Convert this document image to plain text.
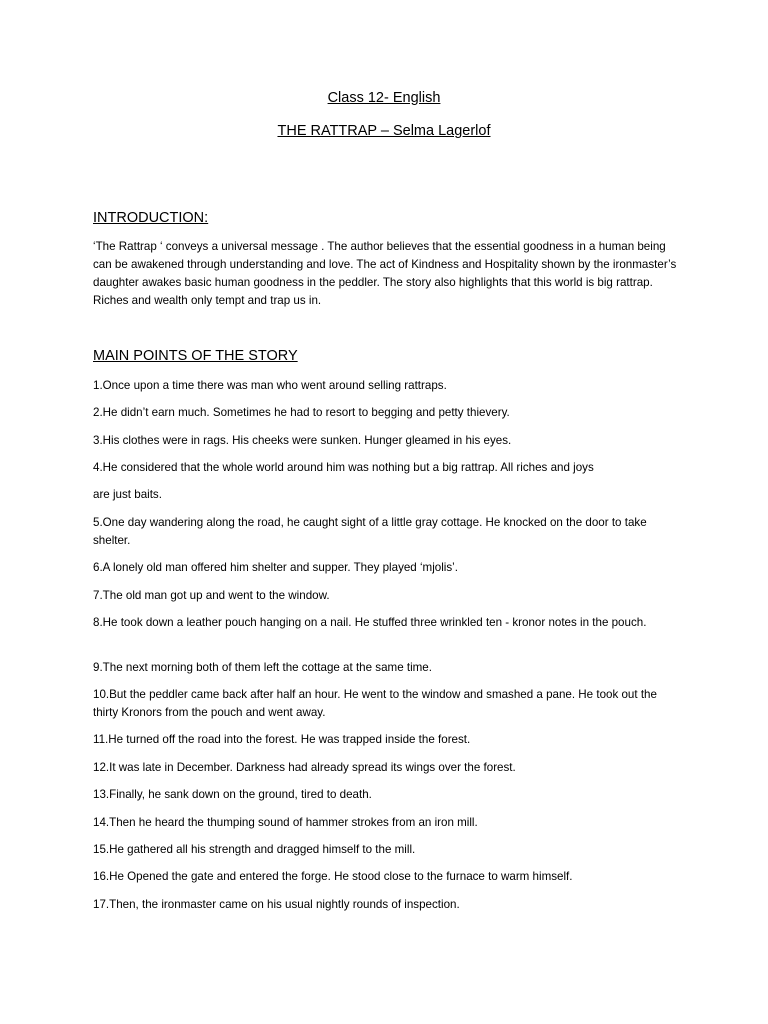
Class 12- English
THE RATTRAP – Selma Lagerlof
INTRODUCTION:

‘The Rattrap ‘ conveys a universal message . The author believes that the essential goodness in a human being can be awakened through understanding and love. The act of Kindness and Hospitality shown by the ironmaster’s daughter awakes basic human goodness in the peddler. The story also highlights that this world is big rattrap. Riches and wealth only tempt and trap us in.

MAIN POINTS OF THE STORY

1.Once upon a time there was man who went around selling rattraps.

2.He didn’t earn much. Sometimes he had to resort to begging and petty thievery.

3.His clothes were in rags. His cheeks were sunken. Hunger gleamed in his eyes.

4.He considered that the whole world around him was nothing but a big rattrap. All riches and joys

are just baits.

5.One day wandering along the road, he caught sight of a little gray cottage. He knocked on the door to take shelter.

6.A lonely old man offered him shelter and supper. They played ‘mjolis’.

7.The old man got up and went to the window.

8.He took down a leather pouch hanging on a nail. He stuffed three wrinkled ten - kronor notes in the pouch.

9.The next morning both of them left the cottage at the same time.

10.But the peddler came back after half an hour. He went to the window and smashed a pane. He took out the thirty Kronors from the pouch and went away.

11.He turned off the road into the forest. He was trapped inside the forest.

12.It was late in December. Darkness had already spread its wings over the forest.

13.Finally, he sank down on the ground, tired to death.

14.Then he heard the thumping sound of hammer strokes from an iron mill.

15.He gathered all his strength and dragged himself to the mill.

16.He Opened the gate and entered the forge. He stood close to the furnace to warm himself.

17.Then, the ironmaster came on his usual nightly rounds of inspection.
